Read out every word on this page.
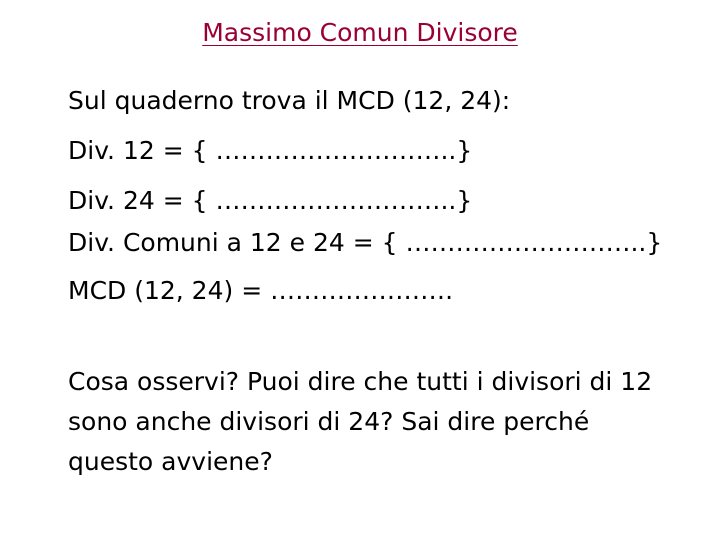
Massimo Comun Divisore
Sul quaderno trova il MCD (12, 24):
Div. 12 = { ………………………..}
Div. 24 = { ………………………..}
Div. Comuni a 12 e 24 = { ………………………..}
MCD (12, 24) = ………………….
Cosa osservi? Puoi dire che tutti i divisori di 12
sono anche divisori di 24? Sai dire perché
questo avviene?
